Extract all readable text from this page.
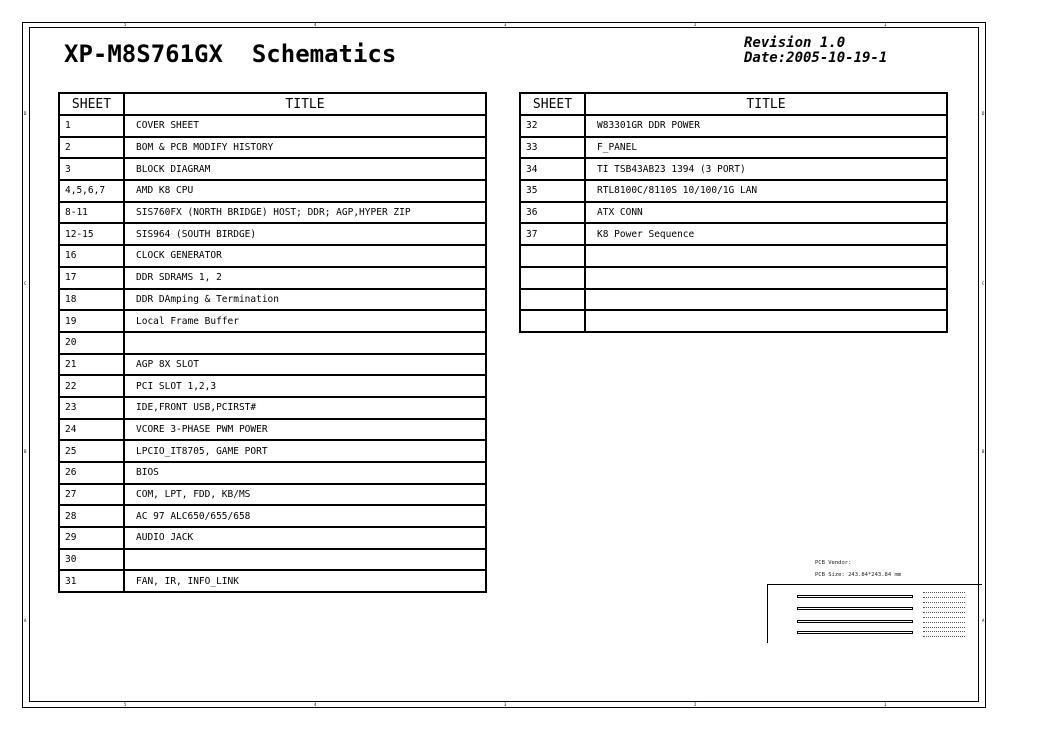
5	4	3	2	1
5	4	3	2	1
D
C
B
A
D
C
B
A
XP-M8S761GX  Schematics	Revision 1.0
Date:2005-10-19-1
SHEET	TITLE
1	COVER SHEET
2	BOM & PCB MODIFY HISTORY
3	BLOCK DIAGRAM
4,5,6,7	AMD K8 CPU
8-11	SIS760FX (NORTH BRIDGE) HOST; DDR; AGP,HYPER ZIP
12-15	SIS964 (SOUTH BIRDGE)
16	CLOCK GENERATOR
17	DDR SDRAMS 1, 2
18	DDR DAmping & Termination
19	Local Frame Buffer
20	
21	AGP 8X SLOT
22	PCI SLOT 1,2,3
23	IDE,FRONT USB,PCIRST#
24	VCORE 3-PHASE PWM POWER
25	LPCIO_IT8705, GAME PORT
26	BIOS
27	COM, LPT, FDD, KB/MS
28	AC 97 ALC650/655/658
29	AUDIO JACK
30	
31	FAN, IR, INFO_LINK
SHEET	TITLE
32	W83301GR DDR POWER
33	F_PANEL
34	TI TSB43AB23 1394 (3 PORT)
35	RTL8100C/8110S 10/100/1G LAN
36	ATX CONN
37	K8 Power Sequence

PCB Vendor:
PCB Size: 243.84*243.84 mm
